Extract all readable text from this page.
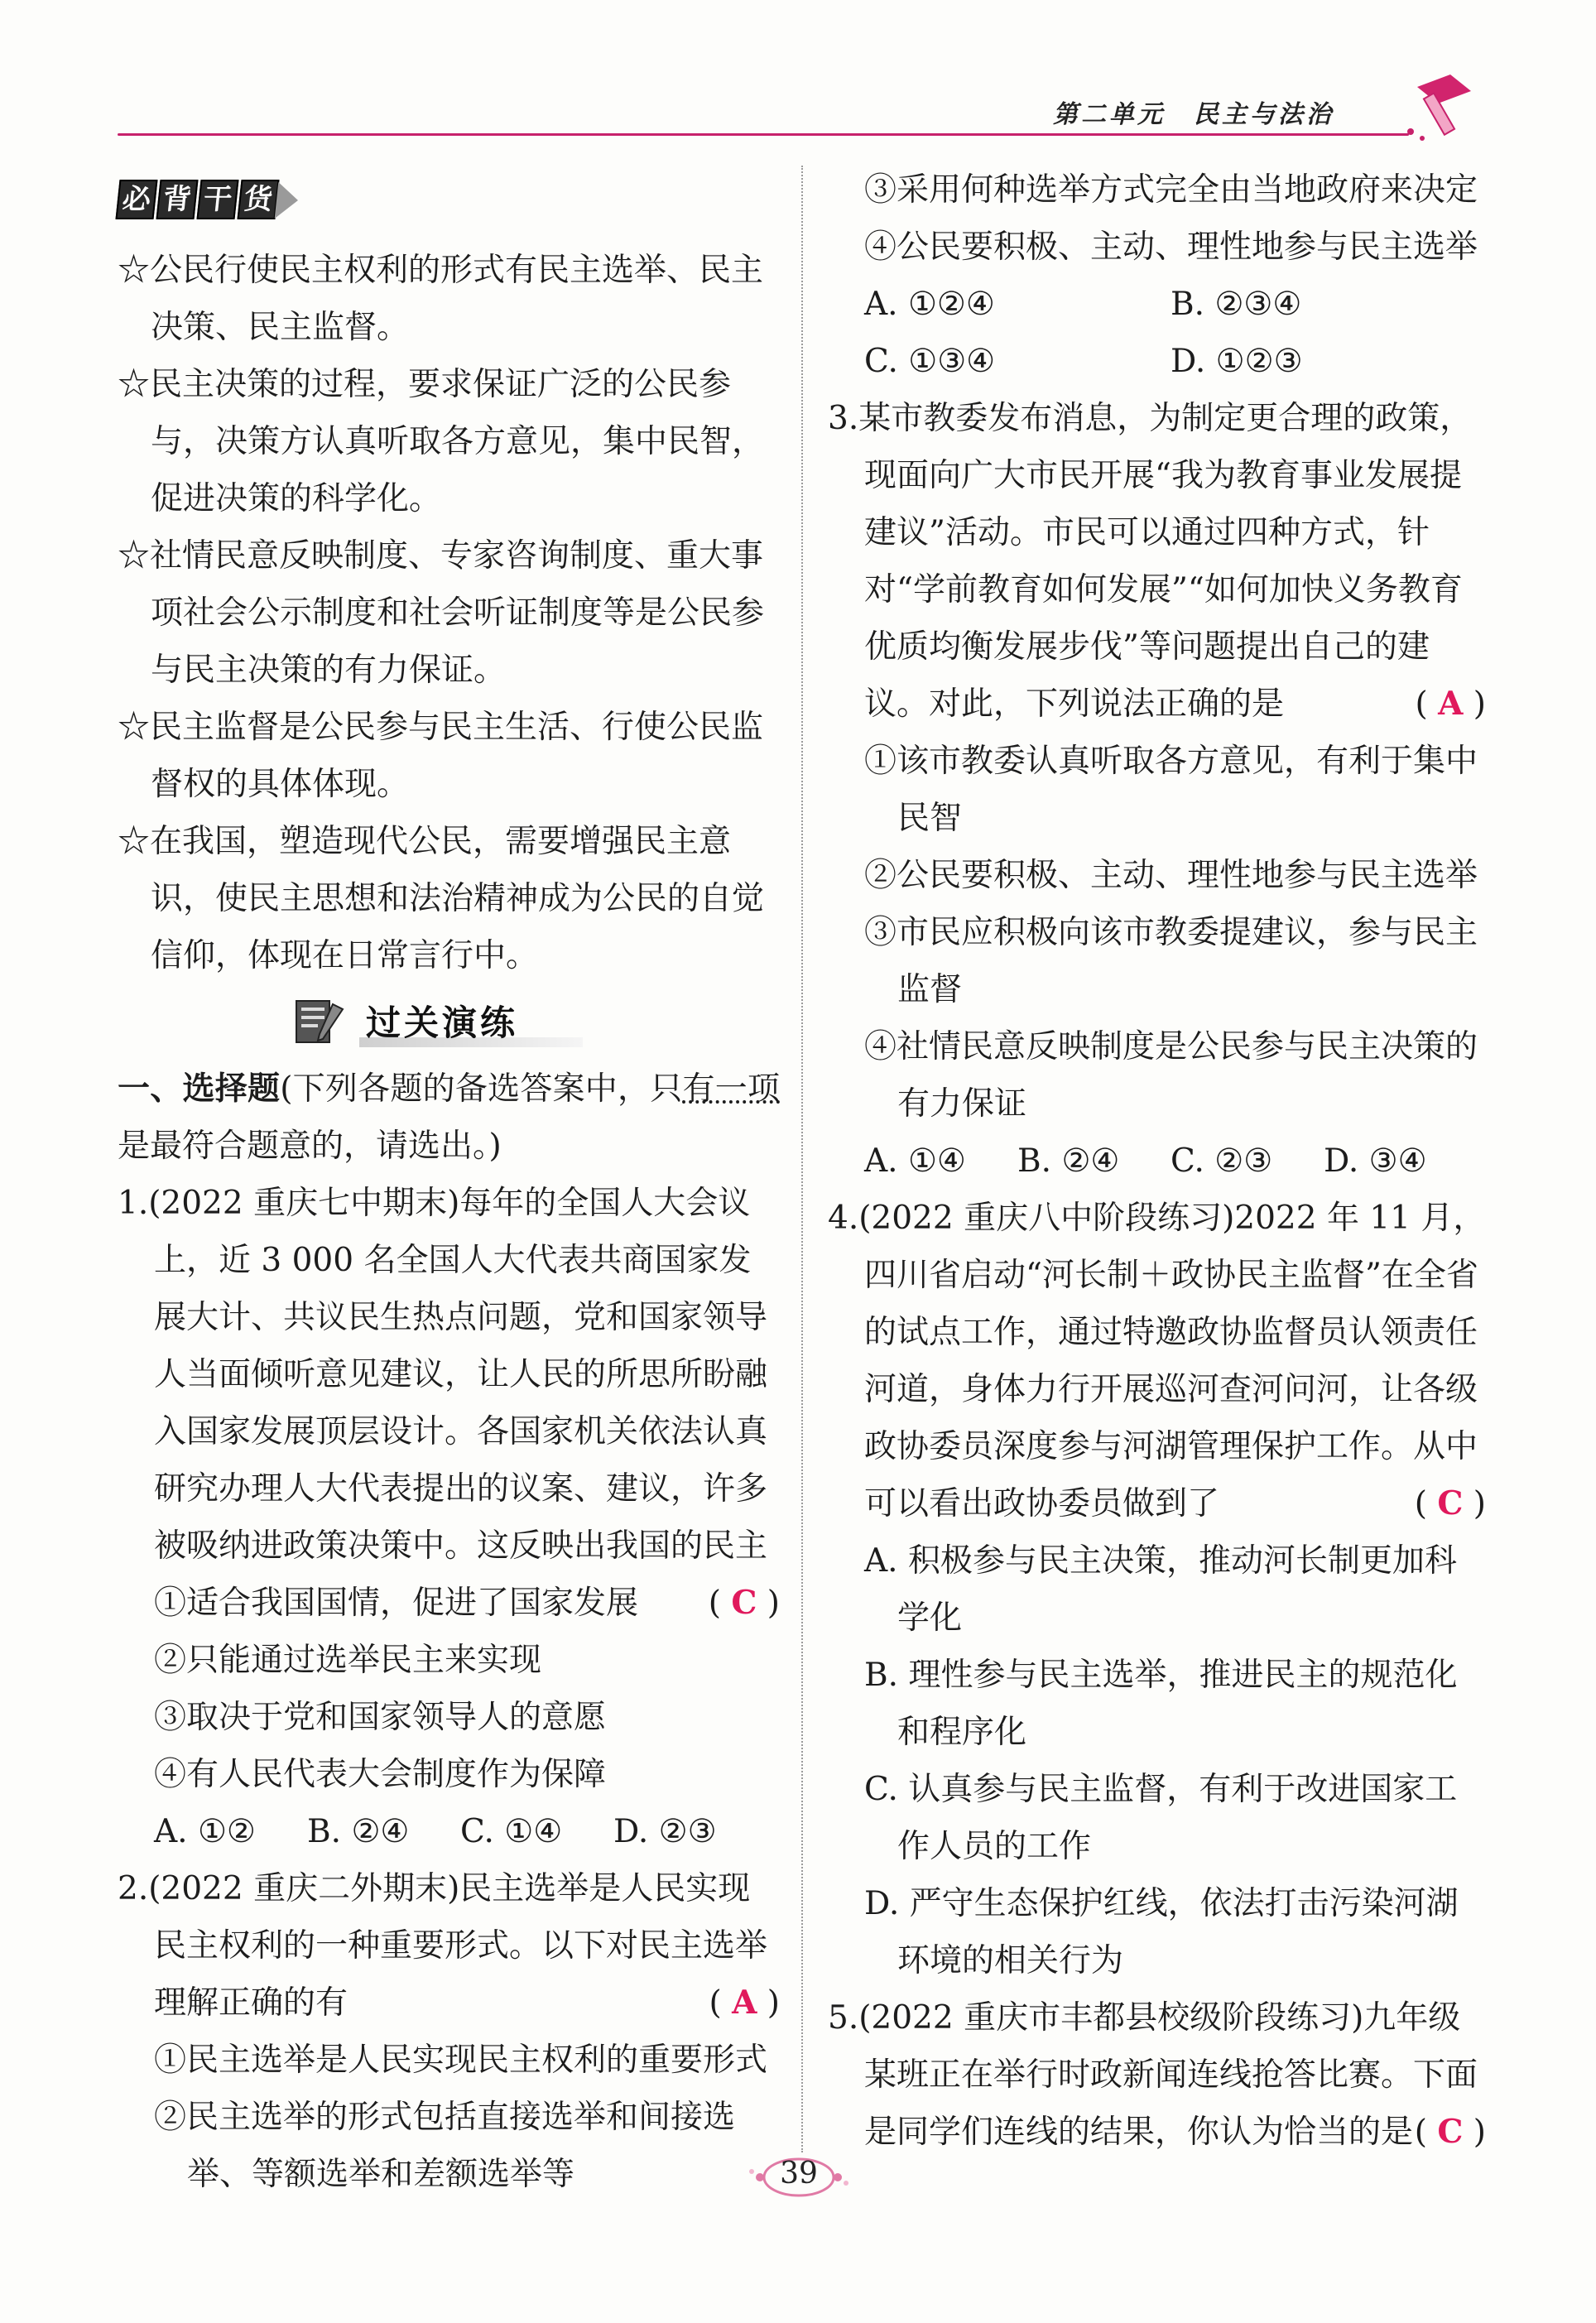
第二单元 民主与法治
必 背 干 货

☆公民行使民主权利的形式有民主选举、民主决策、民主监督。

☆民主决策的过程，要求保证广泛的公民参与，决策方认真听取各方意见，集中民智，促进决策的科学化。

☆社情民意反映制度、专家咨询制度、重大事项社会公示制度和社会听证制度等是公民参与民主决策的有力保证。

☆民主监督是公民参与民主生活、行使公民监督权的具体体现。

☆在我国，塑造现代公民，需要增强民主意识，使民主思想和法治精神成为公民的自觉信仰，体现在日常言行中。

过关演练

一、选择题(下列各题的备选答案中，只有一项是最符合题意的，请选出。)

1.(2022 重庆七中期末)每年的全国人大会议上，近 3 000 名全国人大代表共商国家发展大计、共议民生热点问题，党和国家领导人当面倾听意见建议，让人民的所思所盼融入国家发展顶层设计。各国家机关依法认真研究办理人大代表提出的议案、建议，许多被吸纳进政策决策中。这反映出我国的民主
( C )

①适合我国国情，促进了国家发展

②只能通过选举民主来实现

③取决于党和国家领导人的意愿

④有人民代表大会制度作为保障

A. ①②	B. ②④	C. ①④	D. ②③

2.(2022 重庆二外期末)民主选举是人民实现民主权利的一种重要形式。以下对民主选举理解正确的有	( A )

①民主选举是人民实现民主权利的重要形式

②民主选举的形式包括直接选举和间接选举、等额选举和差额选举等

③采用何种选举方式完全由当地政府来决定

④公民要积极、主动、理性地参与民主选举

A. ①②④	B. ②③④

C. ①③④	D. ①②③

3.某市教委发布消息，为制定更合理的政策，现面向广大市民开展“我为教育事业发展提建议”活动。市民可以通过四种方式，针对“学前教育如何发展”“如何加快义务教育优质均衡发展步伐”等问题提出自己的建议。对此，下列说法正确的是	( A )

①该市教委认真听取各方意见，有利于集中民智

②公民要积极、主动、理性地参与民主选举

③市民应积极向该市教委提建议，参与民主监督

④社情民意反映制度是公民参与民主决策的有力保证

A. ①④	B. ②④	C. ②③	D. ③④

4.(2022 重庆八中阶段练习)2022 年 11 月，四川省启动“河长制＋政协民主监督”在全省的试点工作，通过特邀政协监督员认领责任河道，身体力行开展巡河查河问河，让各级政协委员深度参与河湖管理保护工作。从中可以看出政协委员做到了	( C )

A. 积极参与民主决策，推动河长制更加科学化

B. 理性参与民主选举，推进民主的规范化和程序化

C. 认真参与民主监督，有利于改进国家工作人员的工作

D. 严守生态保护红线，依法打击污染河湖环境的相关行为

5.(2022 重庆市丰都县校级阶段练习)九年级某班正在举行时政新闻连线抢答比赛。下面是同学们连线的结果，你认为恰当的是 ( C )

39
